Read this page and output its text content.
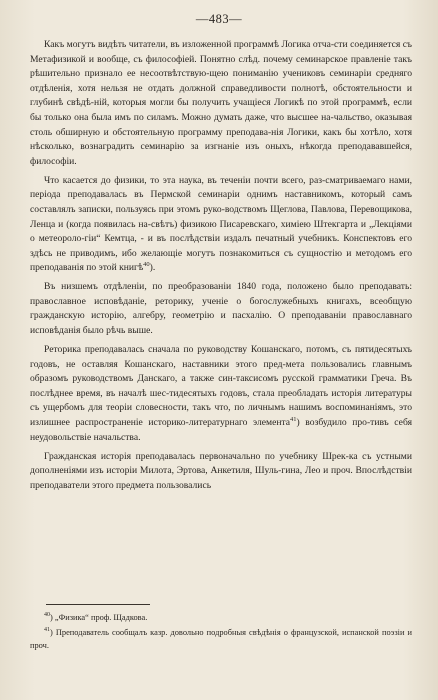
—483—

Какъ могутъ видѣть читатели, въ изложенной программѣ Логика отча-сти соединяется съ Метафизикой и вообще, съ философіей. Понятно слѣд. почему семинарское правленіе такъ рѣшительно признало ее несоотвѣтствую-щею пониманію учениковъ семинаріи средняго отдѣленія, хотя нельзя не отдать должной справедливости полнотѣ, обстоятельности и глубинѣ свѣдѣ-ній, которыя могли бы получить учащіеся Логикѣ по этой программѣ, если бы только она была имъ по силамъ. Можно думать даже, что высшее на-чальство, оказывая столь обширную и обстоятельную программу преподава-нія Логики, какъ бы хотѣло, хотя нѣсколько, вознаградить семинарію за изгнаніе изъ оныхъ, нѣкогда преподававшейся, философіи.

Что касается до физики, то эта наука, въ теченіи почти всего, раз-сматриваемаго нами, періода преподавалась въ Пермской семинаріи однимъ наставникомъ, который самъ составлялъ записки, пользуясь при этомъ руко-водствомъ Щеглова, Павлова, Перевощикова, Ленца и (когда появилась на-свѣтъ) физикою Писаревскаго, химіею Штекгарта и „Лекціями о метеороло-гіи“ Кемтца, - и въ послѣдствіи издалъ печатный учебникъ. Конспектовъ его здѣсь не приводимъ, ибо желающіе могутъ познакомиться съ сущностію и методомъ его преподаванія по этой книгѣ$^{40}$).

Въ низшемъ отдѣленіи, по преобразованіи 1840 года, положено было преподавать: православное исповѣданіе, реторику, ученіе о богослужебныхъ книгахъ, всеобщую гражданскую исторію, алгебру, геометрію и пасхалію. О преподаваніи православнаго исповѣданія было рѣчь выше.

Реторика преподавалась сначала по руководству Кошанскаго, потомъ, съ пятидесятыхъ годовъ, не оставляя Кошанскаго, наставники этого пред-мета пользовались главнымъ образомъ руководствомъ Данскаго, а также син-таксисомъ русской грамматики Греча. Въ послѣднее время, въ началѣ шес-тидесятыхъ годовъ, стала преобладать исторія литературы съ ущербомъ для теоріи словесности, такъ что, по личнымъ нашимъ воспоминаніямъ, это излишнее распространеніе историко-литературнаго элемента$^{41}$) возбудило про-тивъ себя неудовольствіе начальства.

Гражданская исторія преподавалась первоначально по учебнику Шрек-ка съ устными дополненіями изъ исторіи Милота, Эртова, Анкетиля, Шуль-гина, Лео и проч. Впослѣдствіи преподаватели этого предмета пользовались

$^{40}$) „Физика“ проф. Щадкова.

$^{41}$) Преподаватель сообщалъ казр. довольно подробныя свѣдѣнія о французской, испанской поэзіи и проч.
